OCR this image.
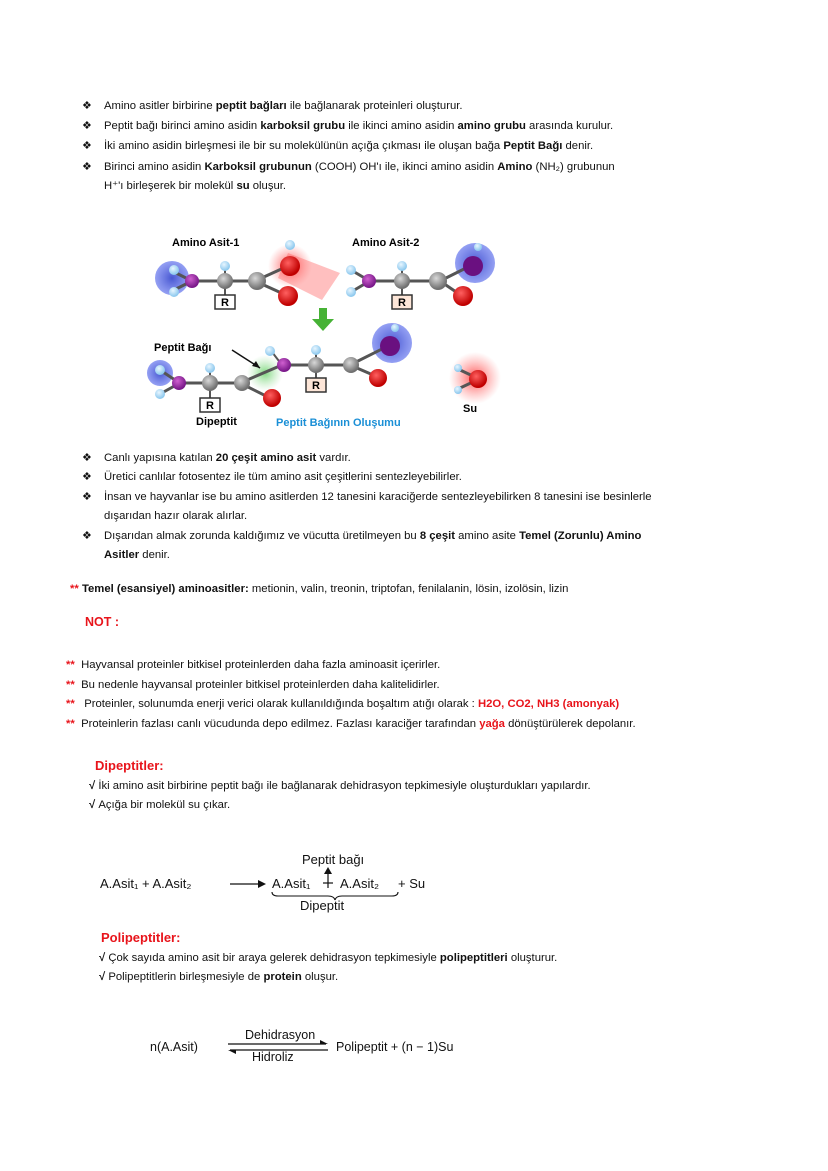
❖ Amino asitler birbirine peptit bağları ile bağlanarak proteinleri oluşturur.
❖ Peptit bağı birinci amino asidin karboksil grubu ile ikinci amino asidin amino grubu arasında kurulur.
❖ İki amino asidin birleşmesi ile bir su molekülünün açığa çıkması ile oluşan bağa Peptit Bağı denir.
❖ Birinci amino asidin Karboksil grubunun (COOH) OH'ı ile, ikinci amino asidin Amino (NH₂) grubunun
H⁺'ı birleşerek bir molekül su oluşur.
R	R
Amino Asit-1	Amino Asit-2
R
R
Peptit Bağı
Su
Dipeptit	Peptit Bağının Oluşumu
❖ Canlı yapısına katılan 20 çeşit amino asit vardır.
❖ Üretici canlılar fotosentez ile tüm amino asit çeşitlerini sentezleyebilirler.
❖ İnsan ve hayvanlar ise bu amino asitlerden 12 tanesini karaciğerde sentezleyebilirken 8 tanesini ise besinlerle
dışarıdan hazır olarak alırlar.
❖ Dışarıdan almak zorunda kaldığımız ve vücutta üretilmeyen bu 8 çeşit amino asite Temel (Zorunlu) Amino
Asitler denir.
** Temel (esansiyel) aminoasitler: metionin, valin, treonin, triptofan, fenilalanin, lösin, izolösin, lizin
NOT :
** Hayvansal proteinler bitkisel proteinlerden daha fazla aminoasit içerirler.
** Bu nedenle hayvansal proteinler bitkisel proteinlerden daha kalitelidirler.
** Proteinler, solunumda enerji verici olarak kullanıldığında boşaltım atığı olarak : H2O, CO2, NH3 (amonyak)
** Proteinlerin fazlası canlı vücudunda depo edilmez. Fazlası karaciğer tarafından yağa dönüştürülerek depolanır.
Dipeptitler:
√ İki amino asit birbirine peptit bağı ile bağlanarak dehidrasyon tepkimesiyle oluşturdukları yapılardır.
√ Açığa bir molekül su çıkar.
Peptit bağı
A.Asit₁ + A.Asit₂ → A.Asit₁ A.Asit₂ + Su
Dipeptit
Polipeptitler:
√ Çok sayıda amino asit bir araya gelerek dehidrasyon tepkimesiyle polipeptitleri oluşturur.
√ Polipeptitlerin birleşmesiyle de protein oluşur.
Dehidrasyon
n(A.Asit)
Hidroliz
Polipeptit + (n − 1)Su
